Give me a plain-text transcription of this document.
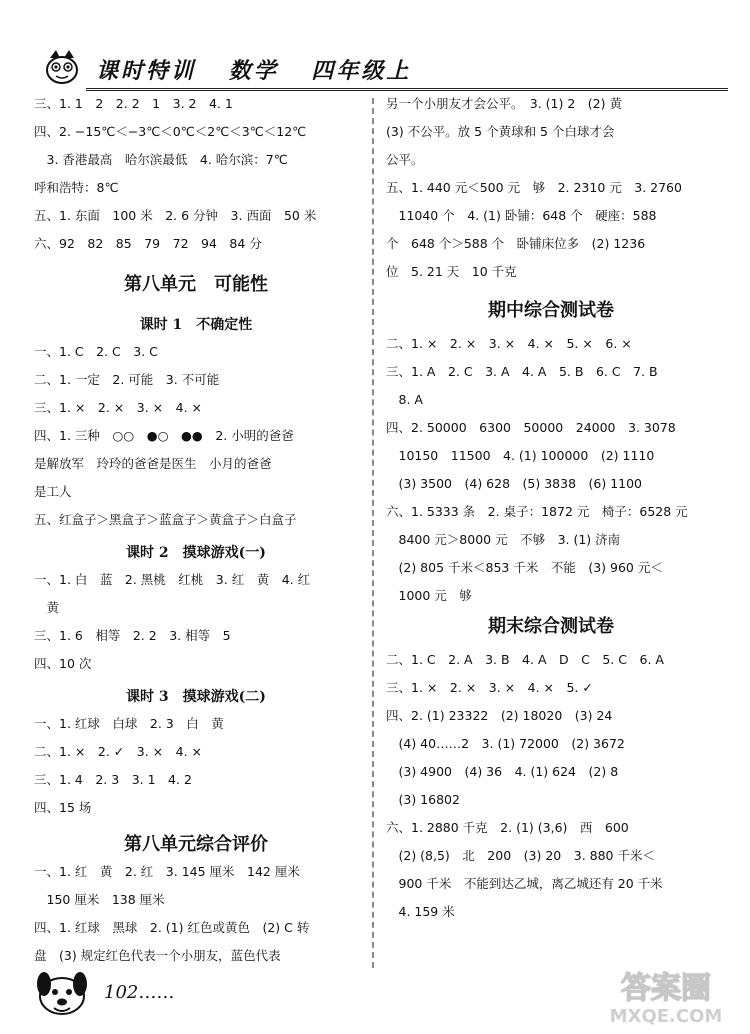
课时特训 数学 四年级上
三、1. 1　2　2. 2　1　3. 2　4. 1
四、2. −15℃＜−3℃＜0℃＜2℃＜3℃＜12℃
　3. 香港最高　哈尔滨最低　4. 哈尔滨：7℃
呼和浩特：8℃
五、1. 东面　100 米　2. 6 分钟　3. 西面　50 米
六、92　82　85　79　72　94　84 分
第八单元　可能性
课时 1　不确定性
一、1. C　2. C　3. C
二、1. 一定　2. 可能　3. 不可能
三、1. ×　2. ×　3. ×　4. ×
四、1. 三种　○○　●○　●●　2. 小明的爸爸
是解放军　玲玲的爸爸是医生　小月的爸爸
是工人
五、红盒子＞黑盒子＞蓝盒子＞黄盒子＞白盒子
课时 2　摸球游戏(一)
一、1. 白　蓝　2. 黑桃　红桃　3. 红　黄　4. 红
　黄
三、1. 6　相等　2. 2　3. 相等　5
四、10 次
课时 3　摸球游戏(二)
一、1. 红球　白球　2. 3　白　黄
二、1. ×　2. ✓　3. ×　4. ×
三、1. 4　2. 3　3. 1　4. 2
四、15 场
第八单元综合评价
一、1. 红　黄　2. 红　3. 145 厘米　142 厘米
　150 厘米　138 厘米
四、1. 红球　黑球　2. (1) 红色或黄色　(2) C 转
盘　(3) 规定红色代表一个小朋友，蓝色代表
另一个小朋友才会公平。　3. (1) 2　(2) 黄
(3) 不公平。放 5 个黄球和 5 个白球才会
公平。
五、1. 440 元＜500 元　够　2. 2310 元　3. 2760
　11040 个　4. (1) 卧铺：648 个　硬座：588
个　648 个＞588 个　卧铺床位多　(2) 1236
位　5. 21 天　10 千克
期中综合测试卷
二、1. ×　2. ×　3. ×　4. ×　5. ×　6. ×
三、1. A　2. C　3. A　4. A　5. B　6. C　7. B
　8. A
四、2. 50000　6300　50000　24000　3. 3078
　10150　11500　4. (1) 100000　(2) 1110
　(3) 3500　(4) 628　(5) 3838　(6) 1100
六、1. 5333 条　2. 桌子：1872 元　椅子：6528 元
　8400 元＞8000 元　不够　3. (1) 济南
　(2) 805 千米＜853 千米　不能　(3) 960 元＜
　1000 元　够
期末综合测试卷
二、1. C　2. A　3. B　4. A　D　C　5. C　6. A
三、1. ×　2. ×　3. ×　4. ×　5. ✓
四、2. (1) 23322　(2) 18020　(3) 24
　(4) 40……2　3. (1) 72000　(2) 3672
　(3) 4900　(4) 36　4. (1) 624　(2) 8
　(3) 16802
六、1. 2880 千克　2. (1) (3,6)　西　600
　(2) (8,5)　北　200　(3) 20　3. 880 千米＜
　900 千米　不能到达乙城，离乙城还有 20 千米
　4. 159 米
102……	答案圈
MXQE.COM
